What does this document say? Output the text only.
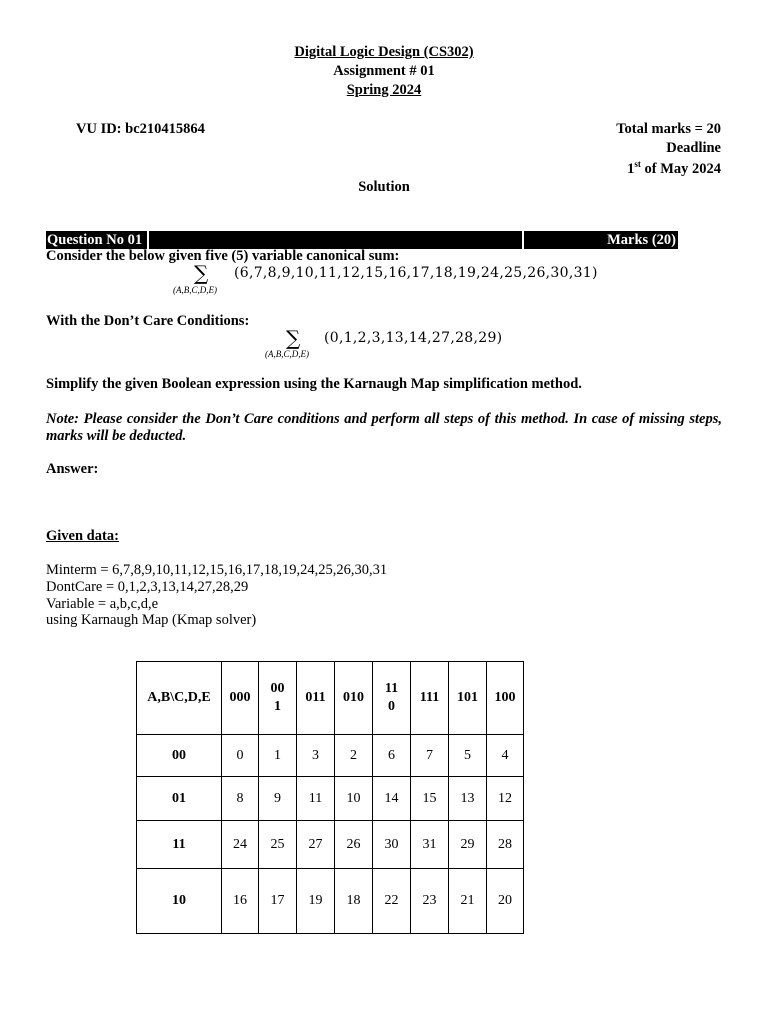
Digital Logic Design (CS302)
Assignment # 01
Spring 2024
VU ID: bc210415864	Total marks = 20
Deadline
1st of May 2024
Solution
Question No 01	Marks (20)
Consider the below given five (5) variable canonical sum:
∑
(A,B,C,D,E)
(6,7,8,9,10,11,12,15,16,17,18,19,24,25,26,30,31)
With the Don’t Care Conditions:
∑
(A,B,C,D,E)
(0,1,2,3,13,14,27,28,29)
Simplify the given Boolean expression using the Karnaugh Map simplification method.
Note: Please consider the Don’t Care conditions and perform all steps of this method. In case of missing steps, marks will be deducted.
Answer:
Given data:
Minterm = 6,7,8,9,10,11,12,15,16,17,18,19,24,25,26,30,31
DontCare = 0,1,2,3,13,14,27,28,29
Variable = a,b,c,d,e
using Karnaugh Map (Kmap solver)
A,B\C,D,E	000	001	011	010	110	111	101	100
00	0	1	3	2	6	7	5	4
01	8	9	11	10	14	15	13	12
11	24	25	27	26	30	31	29	28
10	16	17	19	18	22	23	21	20
